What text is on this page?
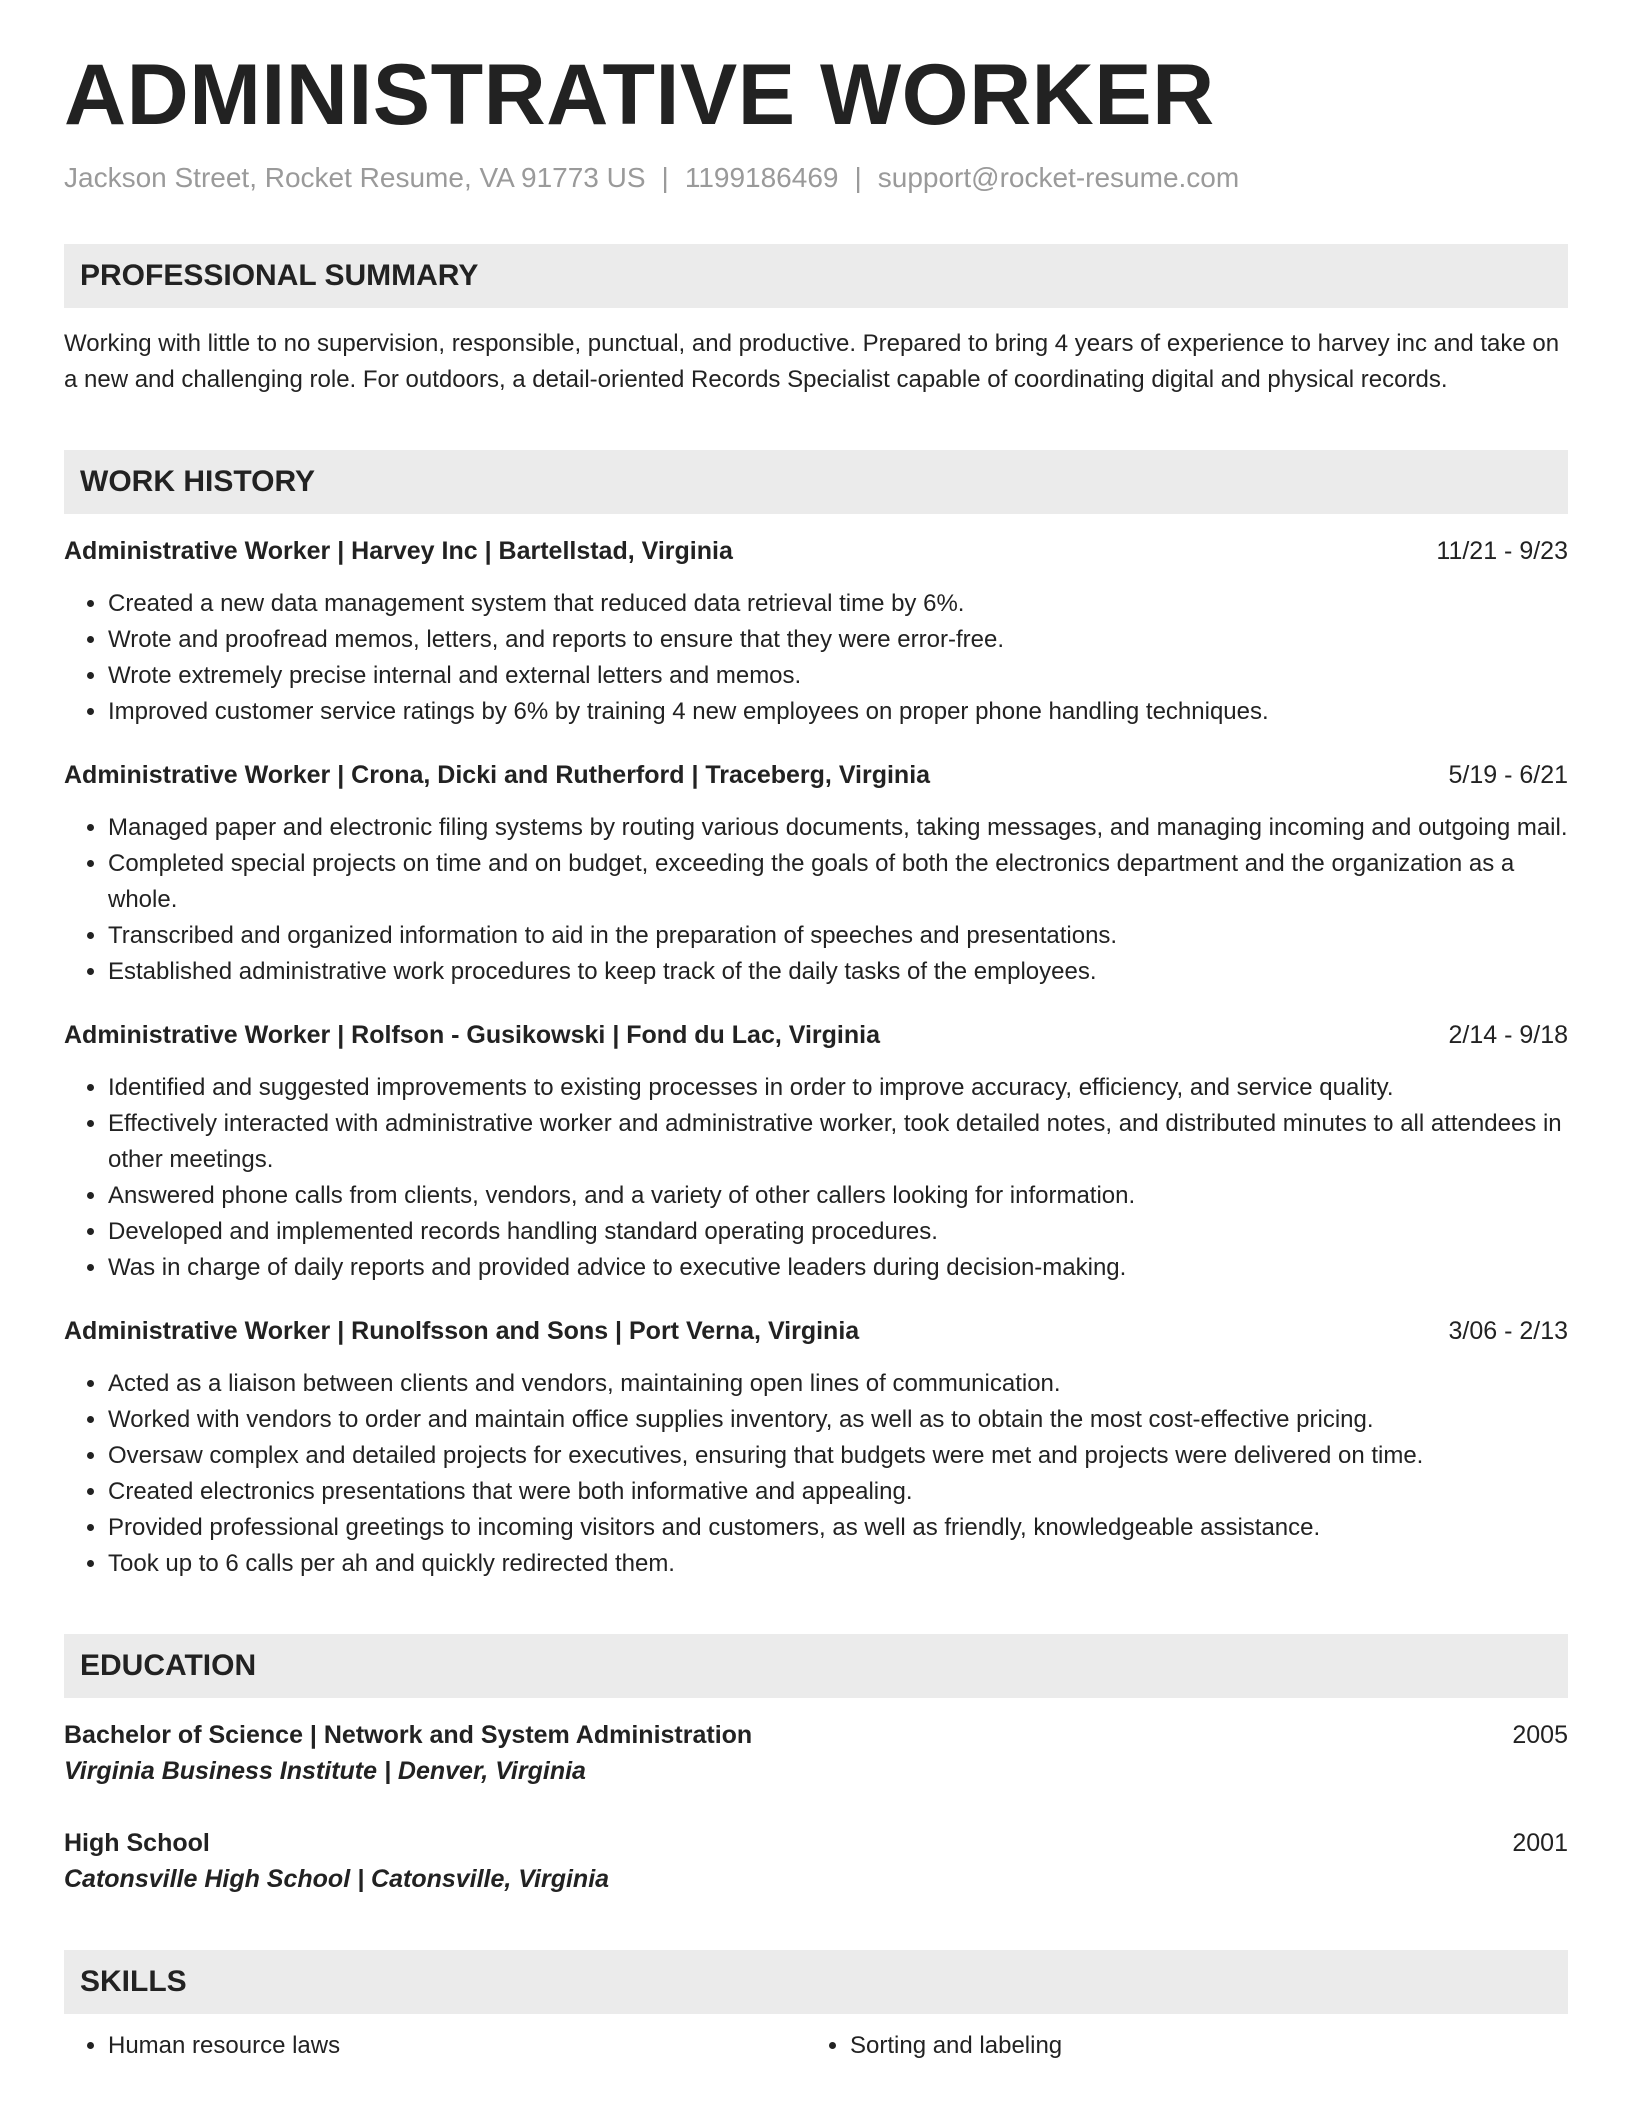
ADMINISTRATIVE WORKER
Jackson Street, Rocket Resume, VA 91773 US | 1199186469 | support@rocket-resume.com
PROFESSIONAL SUMMARY
Working with little to no supervision, responsible, punctual, and productive. Prepared to bring 4 years of experience to harvey inc and take on a new and challenging role. For outdoors, a detail-oriented Records Specialist capable of coordinating digital and physical records.
WORK HISTORY
Administrative Worker | Harvey Inc | Bartellstad, Virginia	11/21 - 9/23
• Created a new data management system that reduced data retrieval time by 6%.
• Wrote and proofread memos, letters, and reports to ensure that they were error-free.
• Wrote extremely precise internal and external letters and memos.
• Improved customer service ratings by 6% by training 4 new employees on proper phone handling techniques.
Administrative Worker | Crona, Dicki and Rutherford | Traceberg, Virginia	5/19 - 6/21
• Managed paper and electronic filing systems by routing various documents, taking messages, and managing incoming and outgoing mail.
• Completed special projects on time and on budget, exceeding the goals of both the electronics department and the organization as a whole.
• Transcribed and organized information to aid in the preparation of speeches and presentations.
• Established administrative work procedures to keep track of the daily tasks of the employees.
Administrative Worker | Rolfson - Gusikowski | Fond du Lac, Virginia	2/14 - 9/18
• Identified and suggested improvements to existing processes in order to improve accuracy, efficiency, and service quality.
• Effectively interacted with administrative worker and administrative worker, took detailed notes, and distributed minutes to all attendees in other meetings.
• Answered phone calls from clients, vendors, and a variety of other callers looking for information.
• Developed and implemented records handling standard operating procedures.
• Was in charge of daily reports and provided advice to executive leaders during decision-making.
Administrative Worker | Runolfsson and Sons | Port Verna, Virginia	3/06 - 2/13
• Acted as a liaison between clients and vendors, maintaining open lines of communication.
• Worked with vendors to order and maintain office supplies inventory, as well as to obtain the most cost-effective pricing.
• Oversaw complex and detailed projects for executives, ensuring that budgets were met and projects were delivered on time.
• Created electronics presentations that were both informative and appealing.
• Provided professional greetings to incoming visitors and customers, as well as friendly, knowledgeable assistance.
• Took up to 6 calls per ah and quickly redirected them.
EDUCATION
Bachelor of Science | Network and System Administration	2005
Virginia Business Institute | Denver, Virginia
High School	2001
Catonsville High School | Catonsville, Virginia
SKILLS
• Human resource laws
•	Sorting and labeling
